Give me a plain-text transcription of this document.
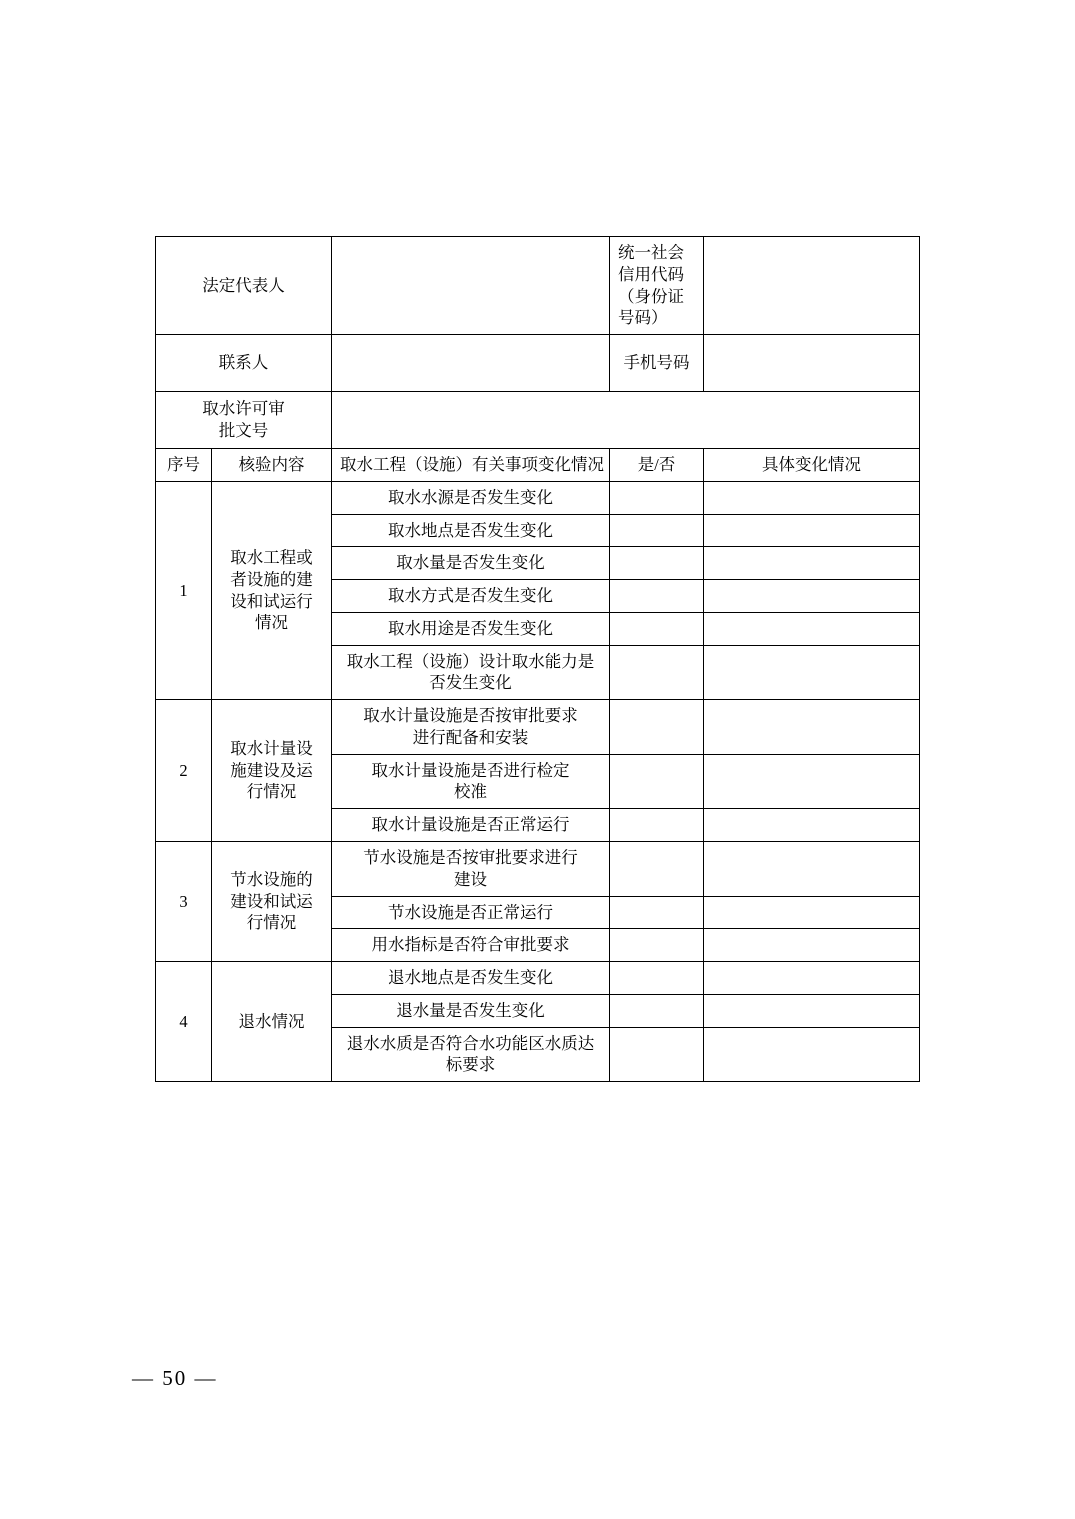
法定代表人			统一社会信用代码（身份证号码）	
联系人			手机号码	
取水许可审批文号				
序号	核验内容	取水工程（设施）有关事项变化情况	是/否	具体变化情况
1	取水工程或者设施的建设和试运行情况	取水水源是否发生变化		
		取水地点是否发生变化		
		取水量是否发生变化		
		取水方式是否发生变化		
		取水用途是否发生变化		
		取水工程（设施）设计取水能力是否发生变化		
2	取水计量设施建设及运行情况	取水计量设施是否按审批要求进行配备和安装		
		取水计量设施是否进行检定校准		
		取水计量设施是否正常运行		
3	节水设施的建设和试运行情况	节水设施是否按审批要求进行建设		
		节水设施是否正常运行		
		用水指标是否符合审批要求		
4	退水情况	退水地点是否发生变化		
		退水量是否发生变化		
		退水水质是否符合水功能区水质达标要求		
— 50 —
